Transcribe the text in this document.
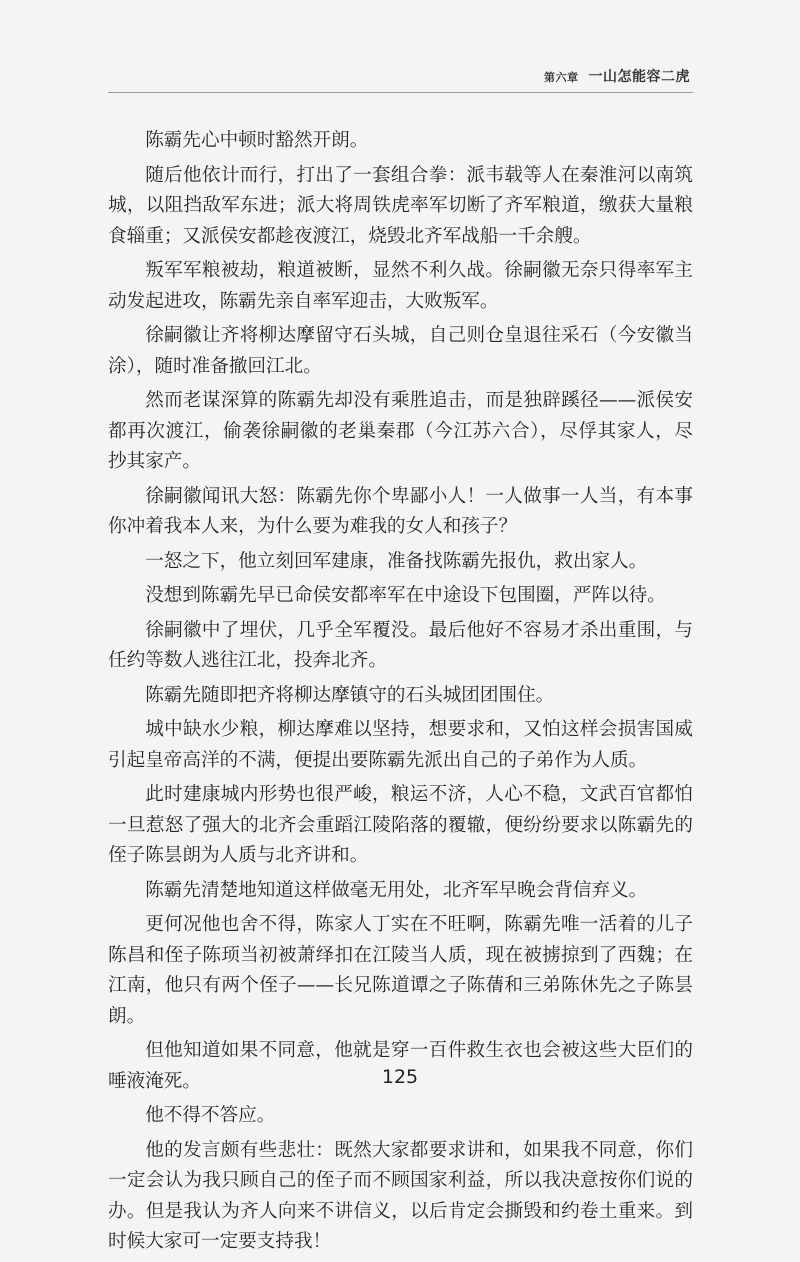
第六章 一山怎能容二虎

陈霸先心中顿时豁然开朗。

随后他依计而行，打出了一套组合拳：派韦载等人在秦淮河以南筑城，以阻挡敌军东进；派大将周铁虎率军切断了齐军粮道，缴获大量粮食辎重；又派侯安都趁夜渡江，烧毁北齐军战船一千余艘。

叛军军粮被劫，粮道被断，显然不利久战。徐嗣徽无奈只得率军主动发起进攻，陈霸先亲自率军迎击，大败叛军。

徐嗣徽让齐将柳达摩留守石头城，自己则仓皇退往采石（今安徽当涂），随时准备撤回江北。

然而老谋深算的陈霸先却没有乘胜追击，而是独辟蹊径——派侯安都再次渡江，偷袭徐嗣徽的老巢秦郡（今江苏六合），尽俘其家人，尽抄其家产。

徐嗣徽闻讯大怒：陈霸先你个卑鄙小人！一人做事一人当，有本事你冲着我本人来，为什么要为难我的女人和孩子？

一怒之下，他立刻回军建康，准备找陈霸先报仇，救出家人。

没想到陈霸先早已命侯安都率军在中途设下包围圈，严阵以待。

徐嗣徽中了埋伏，几乎全军覆没。最后他好不容易才杀出重围，与任约等数人逃往江北，投奔北齐。

陈霸先随即把齐将柳达摩镇守的石头城团团围住。

城中缺水少粮，柳达摩难以坚持，想要求和，又怕这样会损害国威引起皇帝高洋的不满，便提出要陈霸先派出自己的子弟作为人质。

此时建康城内形势也很严峻，粮运不济，人心不稳，文武百官都怕一旦惹怒了强大的北齐会重蹈江陵陷落的覆辙，便纷纷要求以陈霸先的侄子陈昙朗为人质与北齐讲和。

陈霸先清楚地知道这样做毫无用处，北齐军早晚会背信弃义。

更何况他也舍不得，陈家人丁实在不旺啊，陈霸先唯一活着的儿子陈昌和侄子陈顼当初被萧绎扣在江陵当人质，现在被掳掠到了西魏；在江南，他只有两个侄子——长兄陈道谭之子陈蒨和三弟陈休先之子陈昙朗。

但他知道如果不同意，他就是穿一百件救生衣也会被这些大臣们的唾液淹死。

他不得不答应。

他的发言颇有些悲壮：既然大家都要求讲和，如果我不同意，你们一定会认为我只顾自己的侄子而不顾国家利益，所以我决意按你们说的办。但是我认为齐人向来不讲信义，以后肯定会撕毁和约卷土重来。到时候大家可一定要支持我！

125
